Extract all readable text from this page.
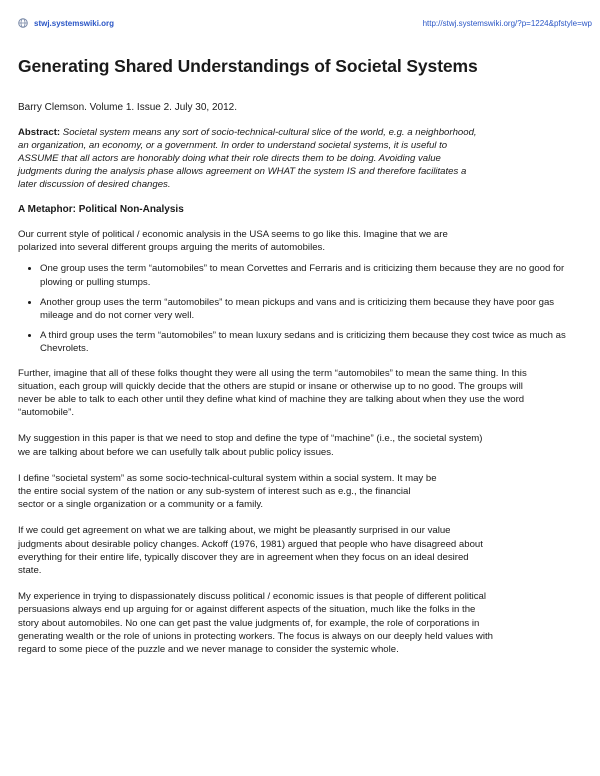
stwj.systemswiki.org	http://stwj.systemswiki.org/?p=1224&pfstyle=wp
Generating Shared Understandings of Societal Systems
Barry Clemson. Volume 1. Issue 2. July 30, 2012.
Abstract: Societal system means any sort of socio-technical-cultural slice of the world, e.g. a neighborhood, an organization, an economy, or a government. In order to understand societal systems, it is useful to ASSUME that all actors are honorably doing what their role directs them to be doing. Avoiding value judgments during the analysis phase allows agreement on WHAT the system IS and therefore facilitates a later discussion of desired changes.
A Metaphor: Political Non-Analysis

Our current style of political / economic analysis in the USA seems to go like this. Imagine that we are polarized into several different groups arguing the merits of automobiles.

• One group uses the term “automobiles” to mean Corvettes and Ferraris and is criticizing them because they are no good for plowing or pulling stumps.
• Another group uses the term “automobiles” to mean pickups and vans and is criticizing them because they have poor gas mileage and do not corner very well.
• A third group uses the term “automobiles” to mean luxury sedans and is criticizing them because they cost twice as much as Chevrolets.

Further, imagine that all of these folks thought they were all using the term “automobiles” to mean the same thing. In this situation, each group will quickly decide that the others are stupid or insane or otherwise up to no good. The groups will never be able to talk to each other until they define what kind of machine they are talking about when they use the word “automobile”.

My suggestion in this paper is that we need to stop and define the type of “machine” (i.e., the societal system) we are talking about before we can usefully talk about public policy issues.

I define “societal system” as some socio-technical-cultural system within a social system. It may be the entire social system of the nation or any sub-system of interest such as e.g., the financial sector or a single organization or a community or a family.

If we could get agreement on what we are talking about, we might be pleasantly surprised in our value judgments about desirable policy changes. Ackoff (1976, 1981) argued that people who have disagreed about everything for their entire life, typically discover they are in agreement when they focus on an ideal desired state.

My experience in trying to dispassionately discuss political / economic issues is that people of different political persuasions always end up arguing for or against different aspects of the situation, much like the folks in the story about automobiles. No one can get past the value judgments of, for example, the role of corporations in generating wealth or the role of unions in protecting workers. The focus is always on our deeply held values with regard to some piece of the puzzle and we never manage to consider the systemic whole.
